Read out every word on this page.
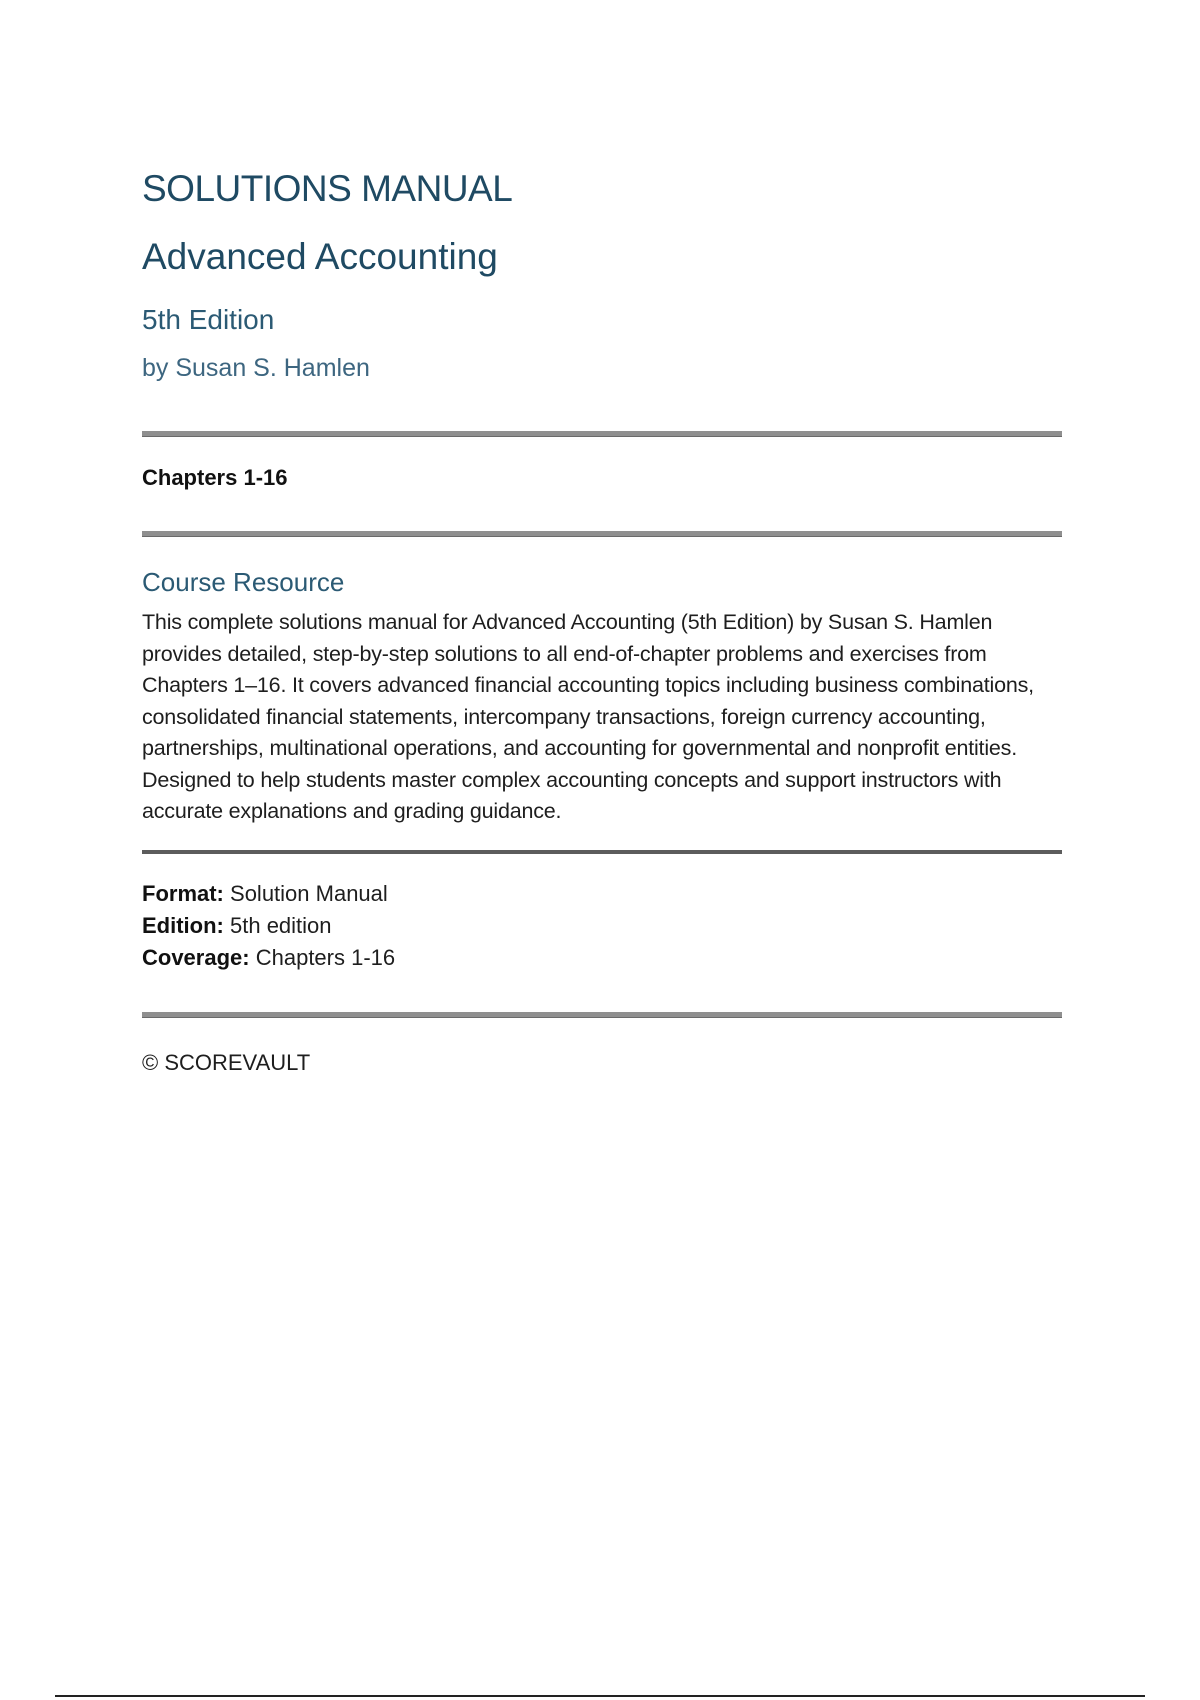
SOLUTIONS MANUAL
Advanced Accounting
5th Edition
by Susan S. Hamlen
Chapters 1-16
Course Resource

This complete solutions manual for Advanced Accounting (5th Edition) by Susan S. Hamlen provides detailed, step-by-step solutions to all end-of-chapter problems and exercises from Chapters 1–16. It covers advanced financial accounting topics including business combinations, consolidated financial statements, intercompany transactions, foreign currency accounting, partnerships, multinational operations, and accounting for governmental and nonprofit entities. Designed to help students master complex accounting concepts and support instructors with accurate explanations and grading guidance.

Format: Solution Manual
Edition: 5th edition
Coverage: Chapters 1-16
© SCOREVAULT
